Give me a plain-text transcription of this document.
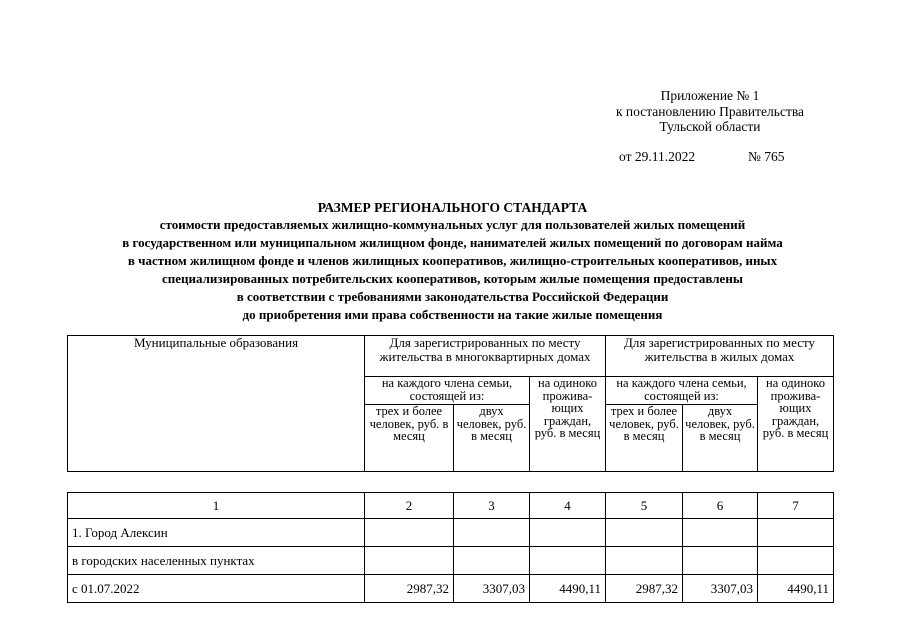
Приложение № 1
к постановлению Правительства
Тульской области
от 29.11.2022	№ 765
РАЗМЕР РЕГИОНАЛЬНОГО СТАНДАРТА
стоимости предоставляемых жилищно-коммунальных услуг для пользователей жилых помещений
в государственном или муниципальном жилищном фонде, нанимателей жилых помещений по договорам найма
в частном жилищном фонде и членов жилищных кооперативов, жилищно-строительных кооперативов, иных
специализированных потребительских кооперативов, которым жилые помещения предоставлены
в соответствии с требованиями законодательства Российской Федерации
до приобретения ими права собственности на такие жилые помещения
Муниципальные образования	Для зарегистрированных по месту жительства в многоквартирных домах			Для зарегистрированных по месту жительства в жилых домах		
	на каждого члена семьи, состоящей из:		на одиноко прожива-ющих граждан, руб. в месяц	на каждого члена семьи, состоящей из:		на одиноко прожива-ющих граждан, руб. в месяц
	трех и более человек, руб. в месяц	двух человек, руб. в месяц		трех и более человек, руб. в месяц	двух человек, руб. в месяц	
1	2	3	4	5	6	7
1. Город Алексин						
в городских населенных пунктах						
с 01.07.2022	2987,32	3307,03	4490,11	2987,32	3307,03	4490,11
